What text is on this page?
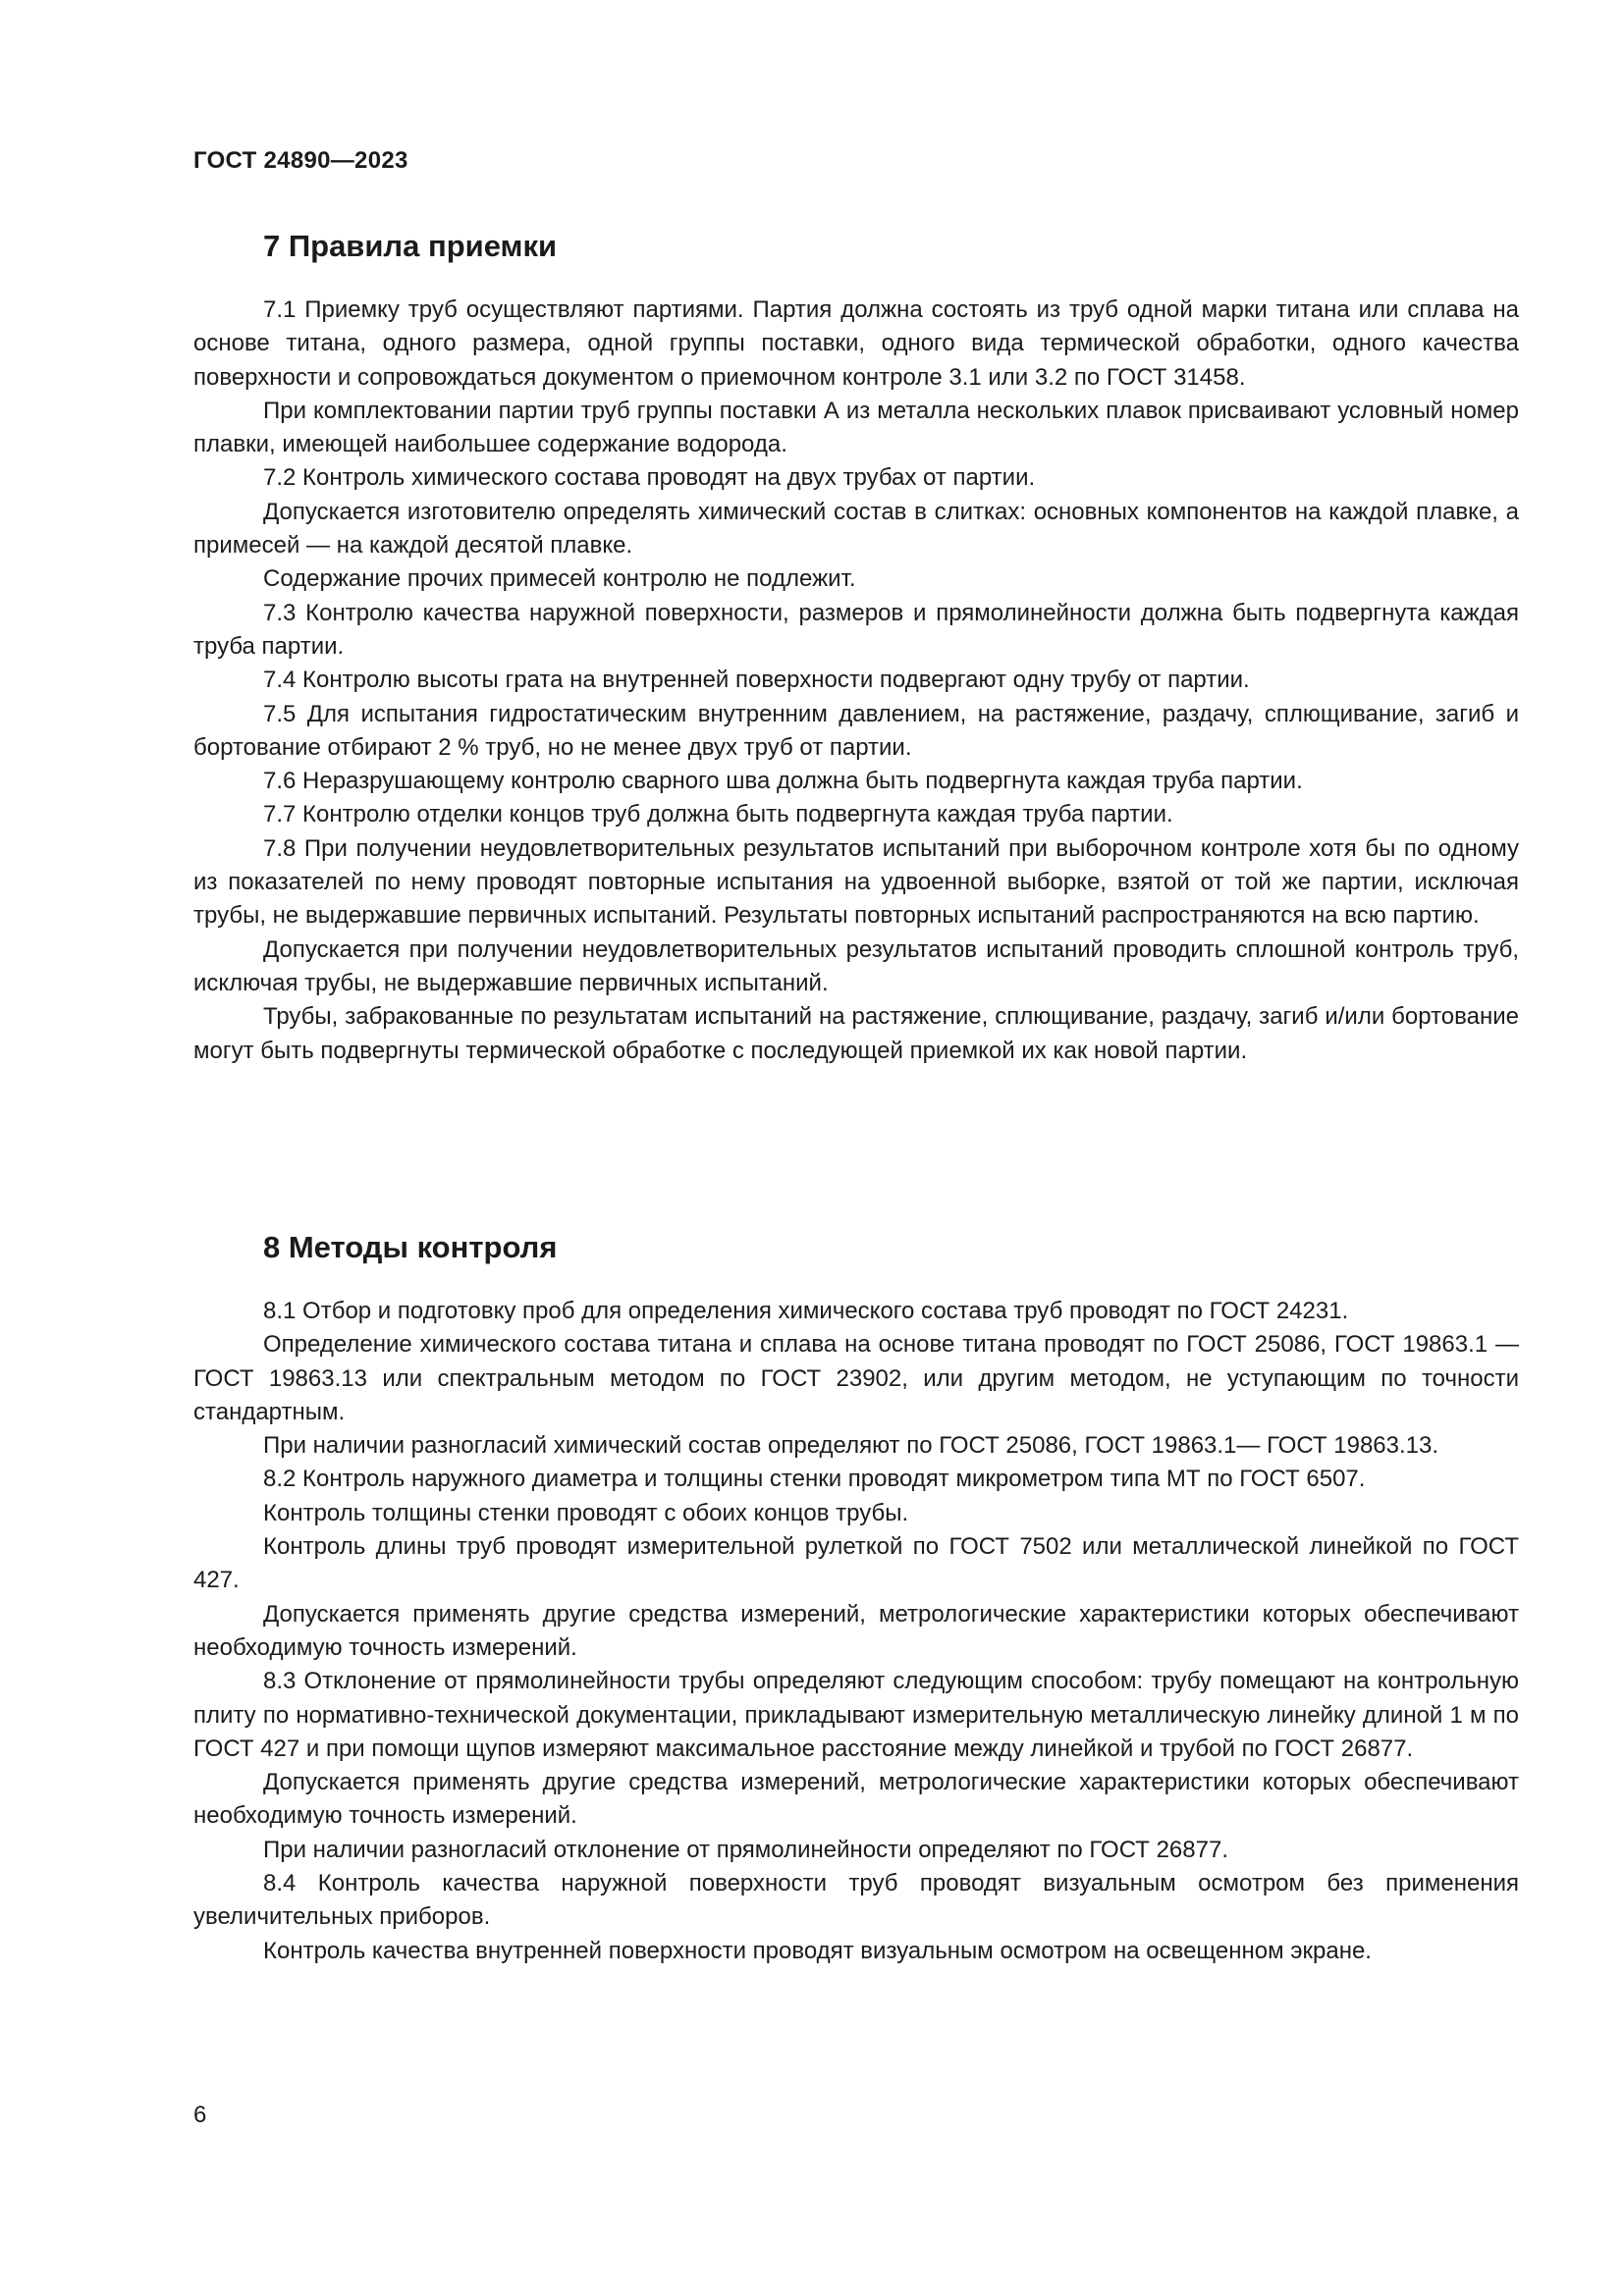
ГОСТ 24890—2023
7 Правила приемки

7.1 Приемку труб осуществляют партиями. Партия должна состоять из труб одной марки титана или сплава на основе титана, одного размера, одной группы поставки, одного вида термической обработки, одного качества поверхности и сопровождаться документом о приемочном контроле 3.1 или 3.2 по ГОСТ 31458.

При комплектовании партии труб группы поставки А из металла нескольких плавок присваивают условный номер плавки, имеющей наибольшее содержание водорода.

7.2 Контроль химического состава проводят на двух трубах от партии.

Допускается изготовителю определять химический состав в слитках: основных компонентов на каждой плавке, а примесей — на каждой десятой плавке.

Содержание прочих примесей контролю не подлежит.

7.3 Контролю качества наружной поверхности, размеров и прямолинейности должна быть подвергнута каждая труба партии.

7.4 Контролю высоты грата на внутренней поверхности подвергают одну трубу от партии.

7.5 Для испытания гидростатическим внутренним давлением, на растяжение, раздачу, сплющивание, загиб и бортование отбирают 2 % труб, но не менее двух труб от партии.

7.6 Неразрушающему контролю сварного шва должна быть подвергнута каждая труба партии.

7.7 Контролю отделки концов труб должна быть подвергнута каждая труба партии.

7.8 При получении неудовлетворительных результатов испытаний при выборочном контроле хотя бы по одному из показателей по нему проводят повторные испытания на удвоенной выборке, взятой от той же партии, исключая трубы, не выдержавшие первичных испытаний. Результаты повторных испытаний распространяются на всю партию.

Допускается при получении неудовлетворительных результатов испытаний проводить сплошной контроль труб, исключая трубы, не выдержавшие первичных испытаний.

Трубы, забракованные по результатам испытаний на растяжение, сплющивание, раздачу, загиб и/или бортование могут быть подвергнуты термической обработке с последующей приемкой их как новой партии.

8 Методы контроля

8.1 Отбор и подготовку проб для определения химического состава труб проводят по ГОСТ 24231.

Определение химического состава титана и сплава на основе титана проводят по ГОСТ 25086, ГОСТ 19863.1 — ГОСТ 19863.13 или спектральным методом по ГОСТ 23902, или другим методом, не уступающим по точности стандартным.

При наличии разногласий химический состав определяют по ГОСТ 25086, ГОСТ 19863.1— ГОСТ 19863.13.

8.2 Контроль наружного диаметра и толщины стенки проводят микрометром типа МТ по ГОСТ 6507.

Контроль толщины стенки проводят с обоих концов трубы.

Контроль длины труб проводят измерительной рулеткой по ГОСТ 7502 или металлической линейкой по ГОСТ 427.

Допускается применять другие средства измерений, метрологические характеристики которых обеспечивают необходимую точность измерений.

8.3 Отклонение от прямолинейности трубы определяют следующим способом: трубу помещают на контрольную плиту по нормативно-технической документации, прикладывают измерительную металлическую линейку длиной 1 м по ГОСТ 427 и при помощи щупов измеряют максимальное расстояние между линейкой и трубой по ГОСТ 26877.

Допускается применять другие средства измерений, метрологические характеристики которых обеспечивают необходимую точность измерений.

При наличии разногласий отклонение от прямолинейности определяют по ГОСТ 26877.

8.4 Контроль качества наружной поверхности труб проводят визуальным осмотром без применения увеличительных приборов.

Контроль качества внутренней поверхности проводят визуальным осмотром на освещенном экране.

6
